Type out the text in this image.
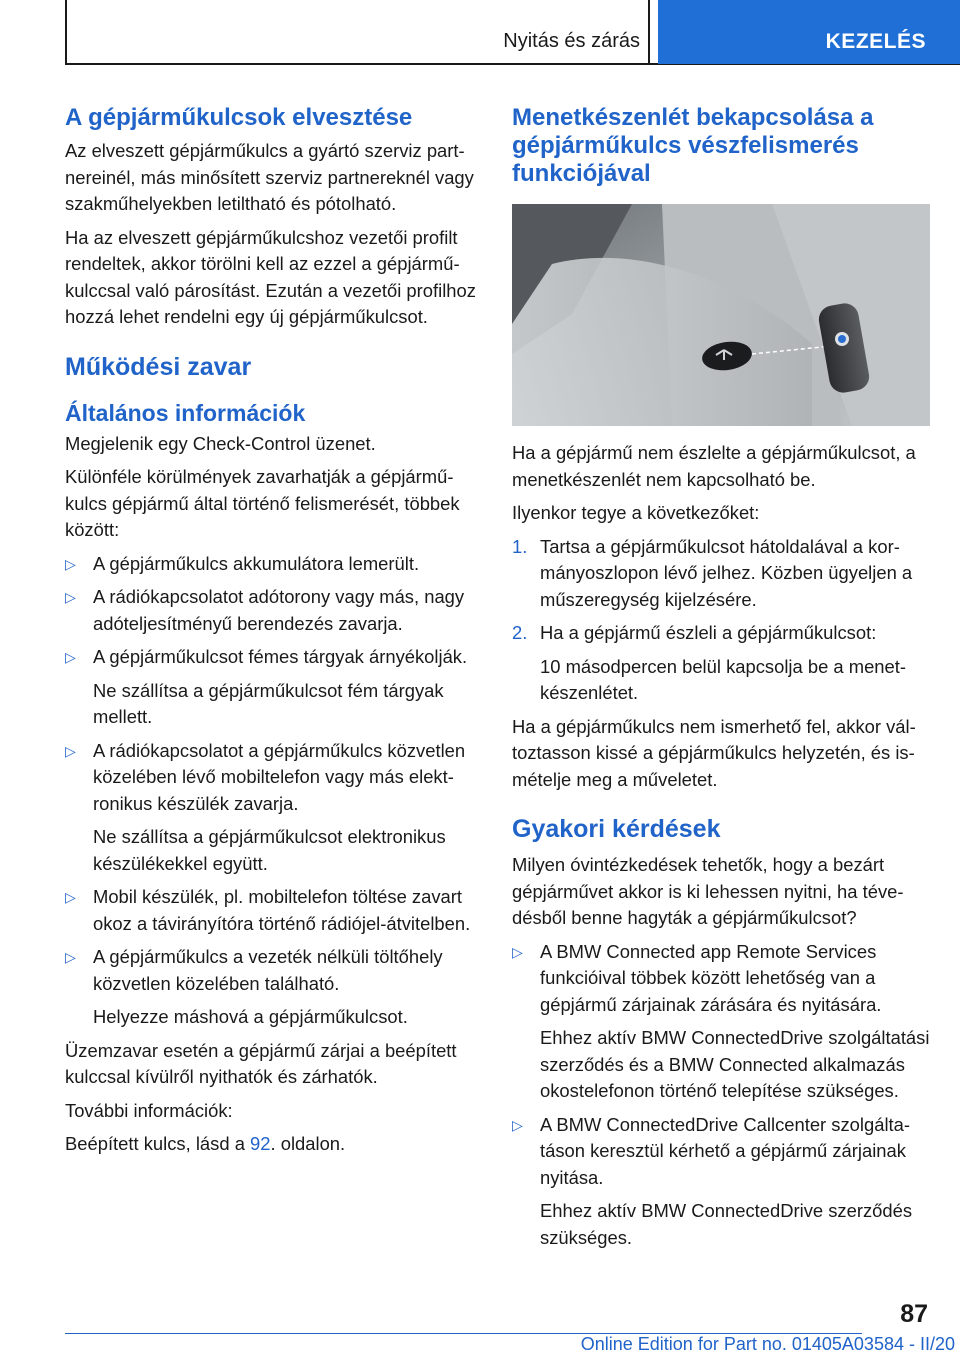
Nyitás és zárás	KEZELÉS
A gépjárműkulcsok elvesztése

Az elveszett gépjárműkulcs a gyártó szerviz partnereinél, más minősített szerviz partnereknél vagy szakműhelyekben letiltható és pótolható.

Ha az elveszett gépjárműkulcshoz vezetői profilt rendeltek, akkor törölni kell az ezzel a gépjárműkulccsal való párosítást. Ezután a vezetői profilhoz hozzá lehet rendelni egy új gépjárműkulcsot.

Működési zavar
Általános információk

Megjelenik egy Check-Control üzenet.

Különféle körülmények zavarhatják a gépjárműkulcs gépjármű által történő felismerését, többek között:

▷ A gépjárműkulcs akkumulátora lemerült.
▷ A rádiókapcsolatot adótorony vagy más, nagy adóteljesítményű berendezés zavarja.
▷ A gépjárműkulcsot fémes tárgyak árnyékolják.

Ne szállítsa a gépjárműkulcsot fém tárgyak mellett.

▷ A rádiókapcsolatot a gépjárműkulcs közvetlen közelében lévő mobiltelefon vagy más elektronikus készülék zavarja.

Ne szállítsa a gépjárműkulcsot elektronikus készülékekkel együtt.

▷ Mobil készülék, pl. mobiltelefon töltése zavart okoz a távirányítóra történő rádiójel-átvitelben.
▷ A gépjárműkulcs a vezeték nélküli töltőhely közvetlen közelében található.

Helyezze máshová a gépjárműkulcsot.

Üzemzavar esetén a gépjármű zárjai a beépített kulccsal kívülről nyithatók és zárhatók.

További információk:

Beépített kulcs, lásd a 92. oldalon.

Menetkészenlét bekapcsolása a gépjárműkulcs vészfelismerés funkciójával

Ha a gépjármű nem észlelte a gépjárműkulcsot, a menetkészenlét nem kapcsolható be.

Ilyenkor tegye a következőket:

1. Tartsa a gépjárműkulcsot hátoldalával a kormányoszlopon lévő jelhez. Közben ügyeljen a műszeregység kijelzésére.
2. Ha a gépjármű észleli a gépjárműkulcsot:

10 másodpercen belül kapcsolja be a menetkészenlétet.

Ha a gépjárműkulcs nem ismerhető fel, akkor változtasson kissé a gépjárműkulcs helyzetén, és ismételje meg a műveletet.

Gyakori kérdések

Milyen óvintézkedések tehetők, hogy a bezárt gépjárművet akkor is ki lehessen nyitni, ha tévedésből benne hagyták a gépjárműkulcsot?

▷ A BMW Connected app Remote Services funkcióival többek között lehetőség van a gépjármű zárjainak zárására és nyitására.

Ehhez aktív BMW ConnectedDrive szolgáltatási szerződés és a BMW Connected alkalmazás okostelefonon történő telepítése szükséges.

▷ A BMW ConnectedDrive Callcenter szolgáltatáson keresztül kérhető a gépjármű zárjainak nyitása.

Ehhez aktív BMW ConnectedDrive szerződés szükséges.

87
Online Edition for Part no. 01405A03584 - II/20
